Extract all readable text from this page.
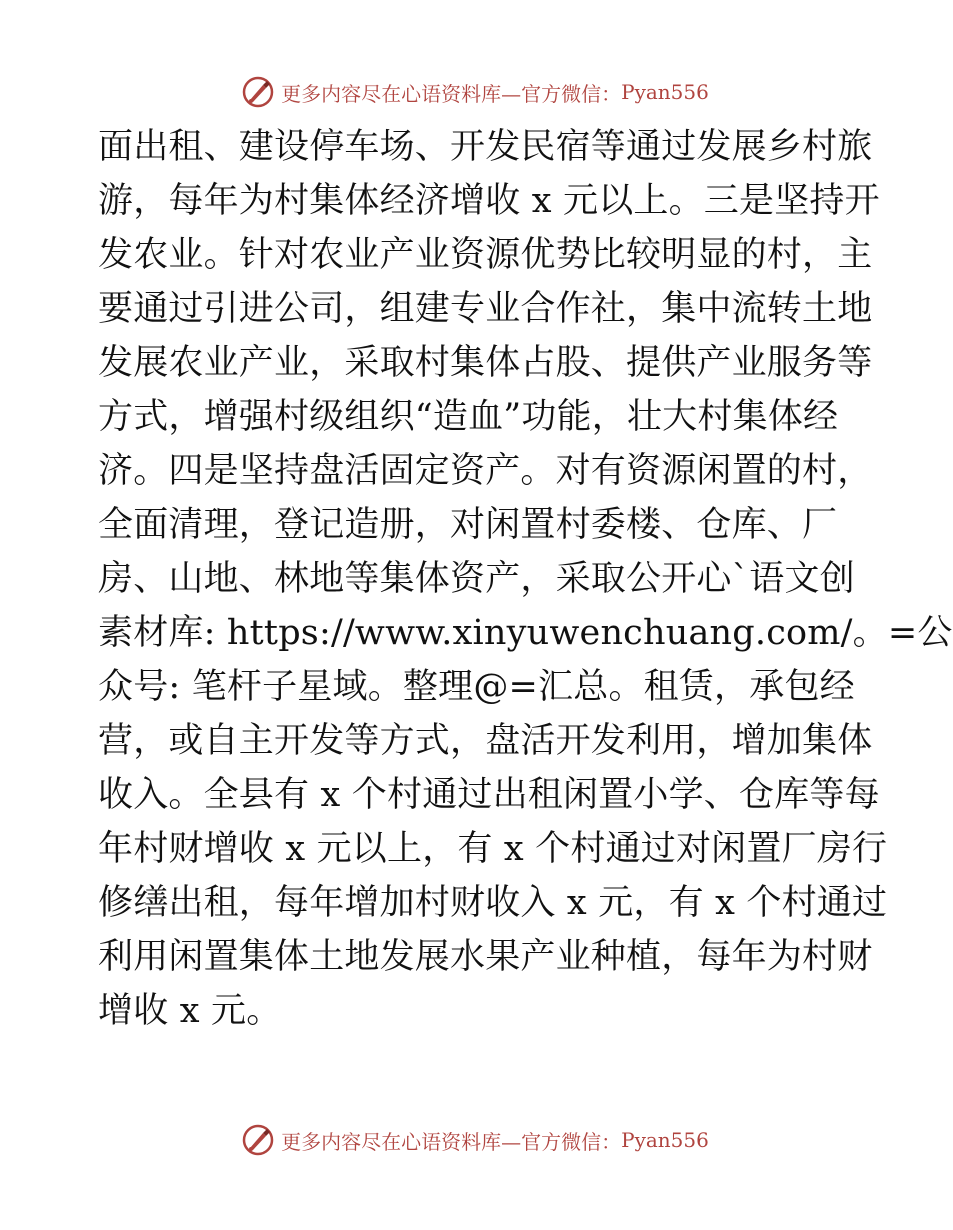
更多内容尽在心语资料库—官方微信： Pyan556
面出租、建设停车场、开发民宿等通过发展乡村旅
游，每年为村集体经济增收 x 元以上。三是坚持开
发农业。针对农业产业资源优势比较明显的村，主
要通过引进公司，组建专业合作社，集中流转土地
发展农业产业，采取村集体占股、提供产业服务等
方式，增强村级组织“造血”功能，壮大村集体经
济。四是坚持盘活固定资产。对有资源闲置的村，
全面清理，登记造册，对闲置村委楼、仓库、厂
房、山地、林地等集体资产，采取公开心`语文创
素材库: https://www.xinyuwenchuang.com/。=公
众号: 笔杆子星域。整理@=汇总。租赁，承包经
营，或自主开发等方式，盘活开发利用，增加集体
收入。全县有 x 个村通过出租闲置小学、仓库等每
年村财增收 x 元以上，有 x 个村通过对闲置厂房行
修缮出租，每年增加村财收入 x 元，有 x 个村通过
利用闲置集体土地发展水果产业种植，每年为村财
增收 x 元。
更多内容尽在心语资料库—官方微信： Pyan556
